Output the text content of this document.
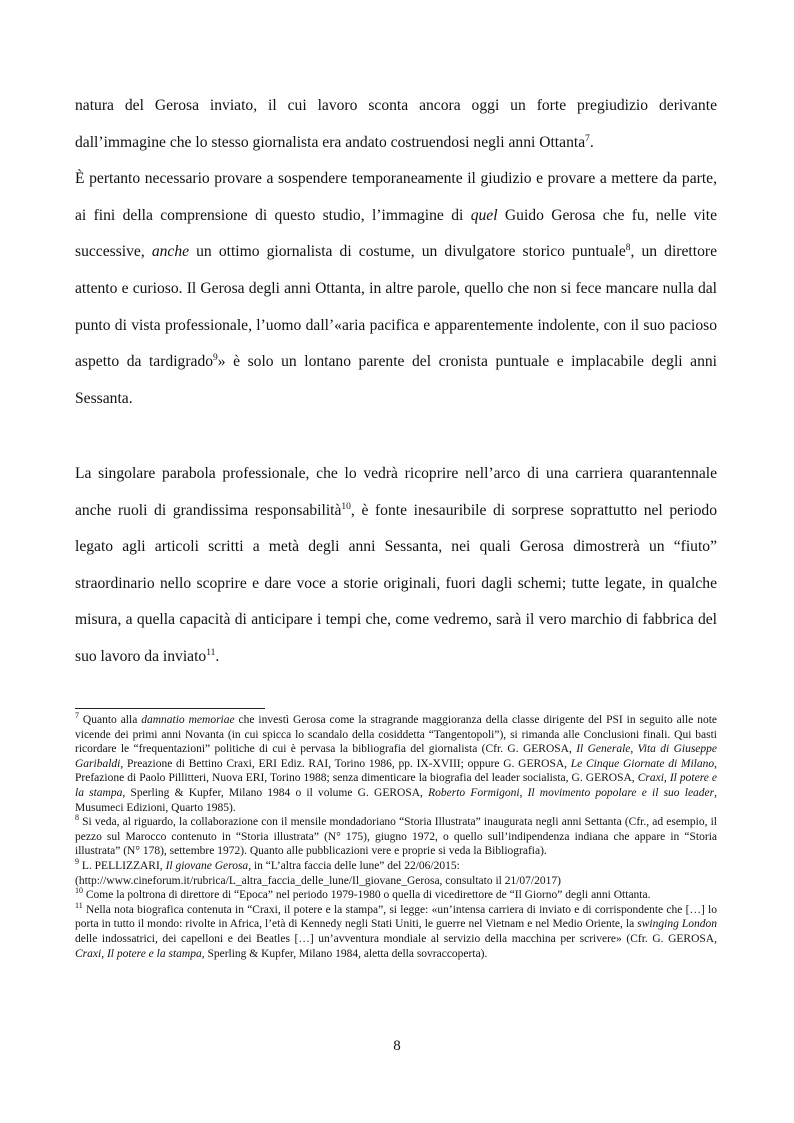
natura del Gerosa inviato, il cui lavoro sconta ancora oggi un forte pregiudizio derivante dall’immagine che lo stesso giornalista era andato costruendosi negli anni Ottanta$^7$.

È pertanto necessario provare a sospendere temporaneamente il giudizio e provare a mettere da parte, ai fini della comprensione di questo studio, l’immagine di quel Guido Gerosa che fu, nelle vite successive, anche un ottimo giornalista di costume, un divulgatore storico puntuale$^8$, un direttore attento e curioso. Il Gerosa degli anni Ottanta, in altre parole, quello che non si fece mancare nulla dal punto di vista professionale, l’uomo dall’«aria pacifica e apparentemente indolente, con il suo pacioso aspetto da tardigrado$^9$» è solo un lontano parente del cronista puntuale e implacabile degli anni Sessanta.

La singolare parabola professionale, che lo vedrà ricoprire nell’arco di una carriera quarantennale anche ruoli di grandissima responsabilità$^{10}$, è fonte inesauribile di sorprese soprattutto nel periodo legato agli articoli scritti a metà degli anni Sessanta, nei quali Gerosa dimostrerà un “fiuto” straordinario nello scoprire e dare voce a storie originali, fuori dagli schemi; tutte legate, in qualche misura, a quella capacità di anticipare i tempi che, come vedremo, sarà il vero marchio di fabbrica del suo lavoro da inviato$^{11}$.

$^7$ Quanto alla damnatio memoriae che investì Gerosa come la stragrande maggioranza della classe dirigente del PSI in seguito alle note vicende dei primi anni Novanta (in cui spicca lo scandalo della cosiddetta “Tangentopoli”), si rimanda alle Conclusioni finali. Qui basti ricordare le “frequentazioni” politiche di cui è pervasa la bibliografia del giornalista (Cfr. G. GEROSA, Il Generale, Vita di Giuseppe Garibaldi, Preazione di Bettino Craxi, ERI Ediz. RAI, Torino 1986, pp. IX-XVIII; oppure G. GEROSA, Le Cinque Giornate di Milano, Prefazione di Paolo Pillitteri, Nuova ERI, Torino 1988; senza dimenticare la biografia del leader socialista, G. GEROSA, Craxi, Il potere e la stampa, Sperling & Kupfer, Milano 1984 o il volume G. GEROSA, Roberto Formigoni, Il movimento popolare e il suo leader, Musumeci Edizioni, Quarto 1985).

$^8$ Si veda, al riguardo, la collaborazione con il mensile mondadoriano “Storia Illustrata” inaugurata negli anni Settanta (Cfr., ad esempio, il pezzo sul Marocco contenuto in “Storia illustrata” (N° 175), giugno 1972, o quello sull’indipendenza indiana che appare in “Storia illustrata” (N° 178), settembre 1972). Quanto alle pubblicazioni vere e proprie si veda la Bibliografia).

$^9$ L. PELLIZZARI, Il giovane Gerosa, in “L’altra faccia delle lune” del 22/06/2015:
(http://www.cineforum.it/rubrica/L_altra_faccia_delle_lune/Il_giovane_Gerosa, consultato il 21/07/2017)

$^{10}$ Come la poltrona di direttore di “Epoca” nel periodo 1979-1980 o quella di vicedirettore de “Il Giorno” degli anni Ottanta.

$^{11}$ Nella nota biografica contenuta in “Craxi, il potere e la stampa”, si legge: «un’intensa carriera di inviato e di corrispondente che […] lo porta in tutto il mondo: rivolte in Africa, l’età di Kennedy negli Stati Uniti, le guerre nel Vietnam e nel Medio Oriente, la swinging London delle indossatrici, dei capelloni e dei Beatles […] un’avventura mondiale al servizio della macchina per scrivere» (Cfr. G. GEROSA, Craxi, Il potere e la stampa, Sperling & Kupfer, Milano 1984, aletta della sovraccoperta).

8
